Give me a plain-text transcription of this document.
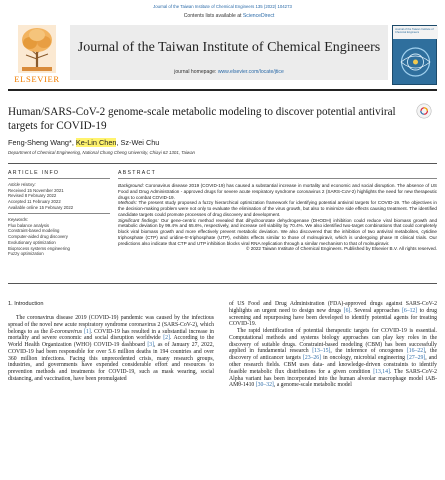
Journal of the Taiwan Institute of Chemical Engineers 135 (2022) 104273
Contents lists available at ScienceDirect
ELSEVIER
Journal of the Taiwan Institute of Chemical Engineers
journal homepage: www.elsevier.com/locate/jtice
Journal of the Taiwan Institute of Chemical Engineers
Human/SARS-CoV-2 genome-scale metabolic modeling to discover potential antiviral targets for COVID-19
Feng-Sheng Wang*, Ke-Lin Chen, Sz-Wei Chu
Department of Chemical Engineering, National Chung Cheng University, Chiayi 62 1301, Taiwan
ARTICLE INFO	ABSTRACT
Article History:
Received 15 November 2021
Revised 8 February 2022
Accepted 11 February 2022
Available online 15 February 2022
Keywords:
Flux balance analysis
Constraint-based modeling
Computer-aided drug discovery
Evolutionary optimization
Bioprocess systems engineering
Fuzzy optimization

Background: Coronavirus disease 2019 (COVID-19) has caused a substantial increase in mortality and economic and social disruption. The absence of US Food and Drug Administration - approved drugs for severe acute respiratory syndrome coronavirus 2 (SARS-CoV-2) highlights the need for new therapeutic drugs to combat COVID-19.

Methods: The present study proposed a fuzzy hierarchical optimization framework for identifying potential antiviral targets for COVID-19. The objectives in the decision-making problem were not only to evaluate the elimination of the virus growth, but also to minimize side effects causing treatment. The identified candidate targets could promote processes of drug discovery and development.

Significant findings: Our gene-centric method revealed that dihydroorotate dehydrogenase (DHODH) inhibition could reduce viral biomass growth and metabolic deviation by 99.4% and 65.6%, respectively, and increase cell viability by 70.4%. We also identified two-target combinations that could completely block viral biomass growth and more effectively prevent metabolic deviation. We also discovered that the inhibition of two antiviral metabolites, cytidine triphosphate (CTP) and uridine-5'-triphosphate (UTP), exhibits effects similar to those of molnupiravir, which is undergoing phase III clinical trials. Our predictions also indicate that CTP and UTP inhibition blocks viral RNA replication through a similar mechanism to that of molnupiravir.

© 2022 Taiwan Institute of Chemical Engineers. Published by Elsevier B.V. All rights reserved.

1. Introduction

The coronavirus disease 2019 (COVID-19) pandemic was caused by the infectious spread of the novel new acute respiratory syndrome coronavirus 2 (SARS-CoV-2), which belongs to as the ß-coronavirus [1]. COVID-19 has resulted in a substantial increase in mortality and severe economic and social disruption worldwide [2]. According to the World Health Organization (WHO) COVID-19 dashboard [3], as of January 27, 2022, COVID-19 had been responsible for over 5.6 million deaths in 194 countries and over 360 million infections. Facing this unprecedented crisis, many research groups, industries, and governments have expended considerable effort and resources to prevention methods and treatments for COVID-19, such as mask wearing, social distancing, and vaccination, have been promulgated

of US Food and Drug Administration (FDA)-approved drugs against SARS-CoV-2 highlights an urgent need to design new drugs [6]. Several approaches [6–12] to drug screening and repurposing have been developed to identify potential agents for treating COVID-19.

The rapid identification of potential therapeutic targets for COVID-19 is essential. Computational methods and systems biology approaches can play key roles in the discovery of suitable drugs. Constraint-based modeling (CBM) has been successfully applied in fundamental research [13–15], the inference of oncogenes [16–22], the discovery of anticancer targets [23–26] in oncology, microbial engineering [27–29], and other research fields. CBM uses data- and knowledge-driven constraints to identify feasible metabolic flux distributions for a given condition [13,14]. The SARS-CoV-2 Alpha variant has been incorporated into the human alveolar macrophage model iAB-AMθ-1410 [30–32], a genome-scale metabolic model
